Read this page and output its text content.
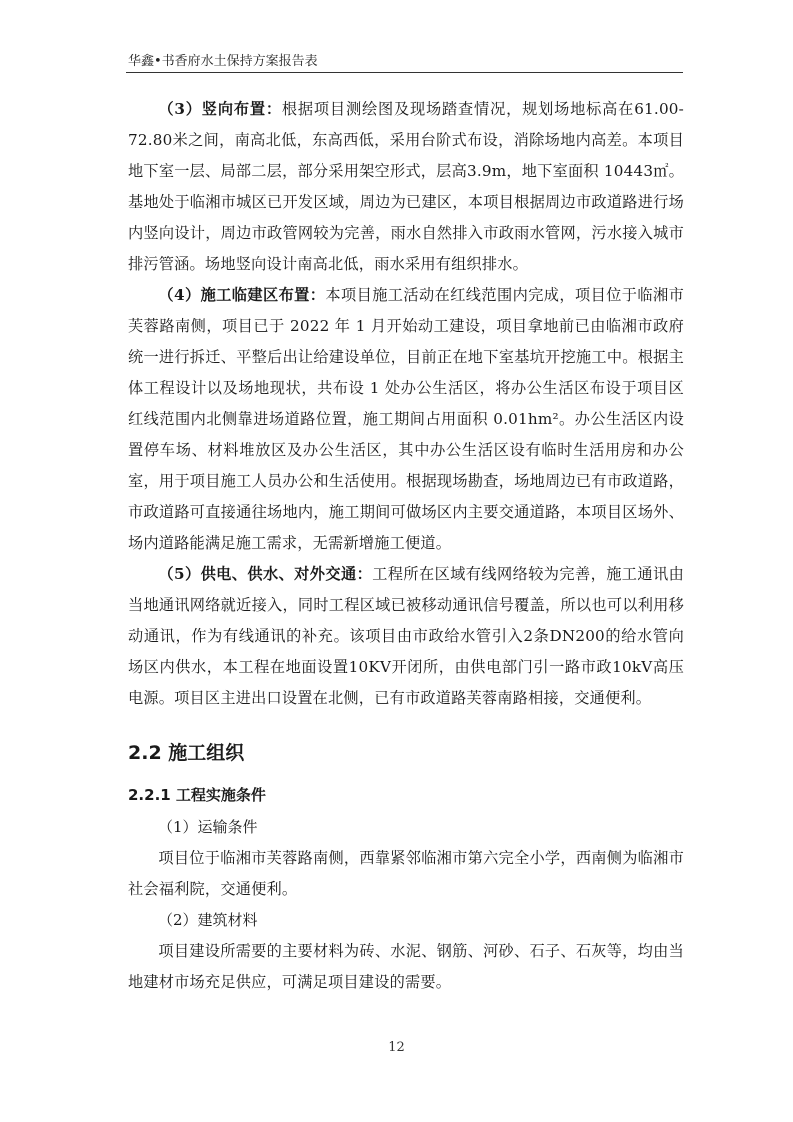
华鑫•书香府水土保持方案报告表

（3）竖向布置：根据项目测绘图及现场踏查情况，规划场地标高在61.00-72.80米之间，南高北低，东高西低，采用台阶式布设，消除场地内高差。本项目地下室一层、局部二层，部分采用架空形式，层高3.9m，地下室面积 10443㎡。基地处于临湘市城区已开发区域，周边为已建区，本项目根据周边市政道路进行场内竖向设计，周边市政管网较为完善，雨水自然排入市政雨水管网，污水接入城市排污管涵。场地竖向设计南高北低，雨水采用有组织排水。

（4）施工临建区布置：本项目施工活动在红线范围内完成，项目位于临湘市芙蓉路南侧，项目已于 2022 年 1 月开始动工建设，项目拿地前已由临湘市政府统一进行拆迁、平整后出让给建设单位，目前正在地下室基坑开挖施工中。根据主体工程设计以及场地现状，共布设 1 处办公生活区，将办公生活区布设于项目区红线范围内北侧靠进场道路位置，施工期间占用面积 0.01hm²。办公生活区内设置停车场、材料堆放区及办公生活区，其中办公生活区设有临时生活用房和办公室，用于项目施工人员办公和生活使用。根据现场勘查，场地周边已有市政道路，市政道路可直接通往场地内，施工期间可做场区内主要交通道路，本项目区场外、场内道路能满足施工需求，无需新增施工便道。

（5）供电、供水、对外交通：工程所在区域有线网络较为完善，施工通讯由当地通讯网络就近接入，同时工程区域已被移动通讯信号覆盖，所以也可以利用移动通讯，作为有线通讯的补充。该项目由市政给水管引入2条DN200的给水管向场区内供水，本工程在地面设置10KV开闭所，由供电部门引一路市政10kV高压电源。项目区主进出口设置在北侧，已有市政道路芙蓉南路相接，交通便利。

2.2 施工组织
2.2.1 工程实施条件
（1）运输条件

项目位于临湘市芙蓉路南侧，西靠紧邻临湘市第六完全小学，西南侧为临湘市社会福利院，交通便利。

（2）建筑材料

项目建设所需要的主要材料为砖、水泥、钢筋、河砂、石子、石灰等，均由当地建材市场充足供应，可满足项目建设的需要。

12
